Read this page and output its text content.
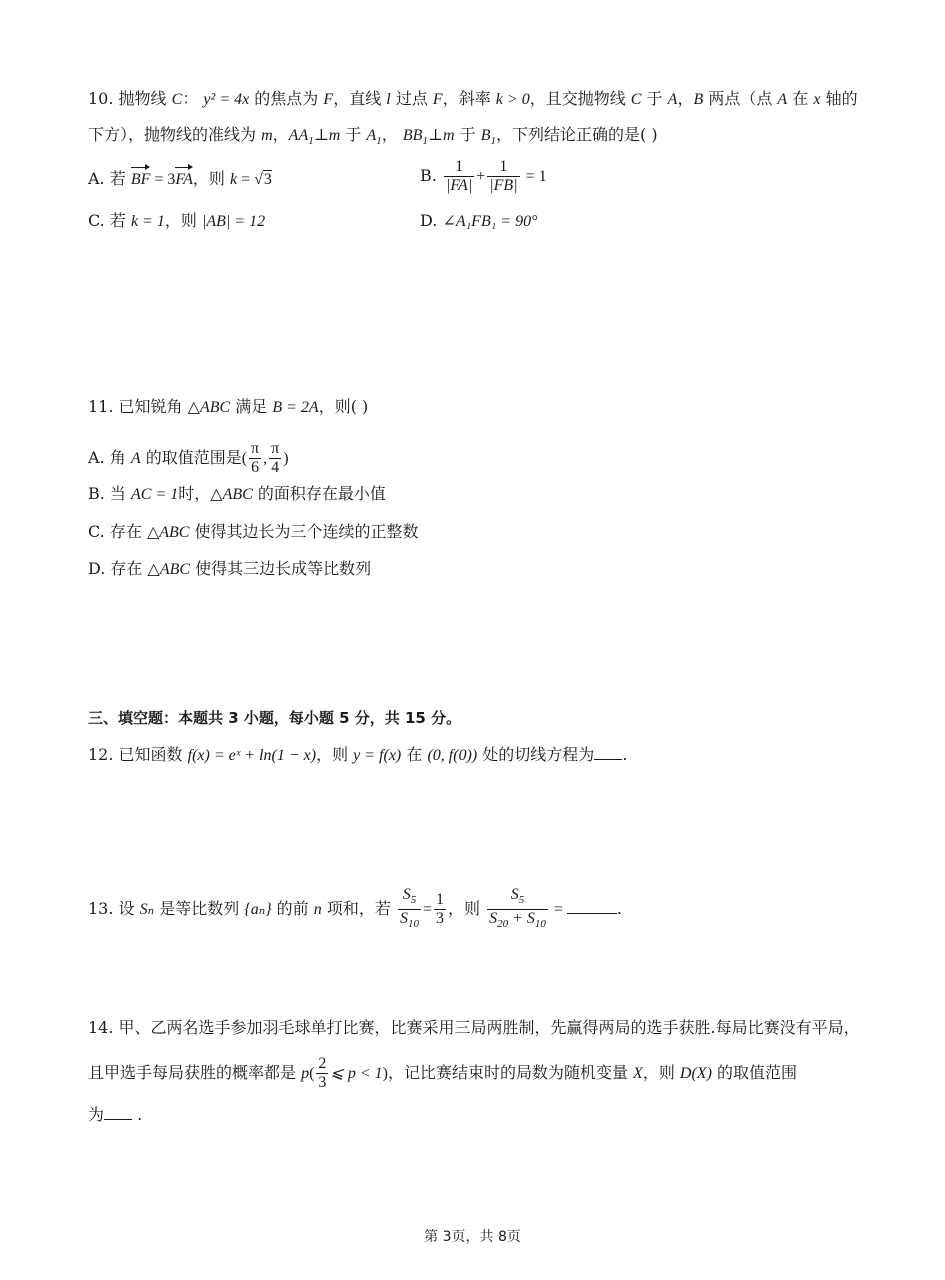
10. 抛物线 C： y² = 4x 的焦点为 F，直线 l 过点 F，斜率 k > 0，且交抛物线 C 于 A，B 两点（点 A 在 x 轴的
下方），抛物线的准线为 m，$AA_1\perp m$ 于 $A_1$， $BB_1\perp m$ 于 $B_1$，下列结论正确的是( )
A. 若 BF = 3FA，则 k = √3	B. $\frac{1}{|FA|} + \frac{1}{|FB|} = 1$
C. 若 k = 1，则 |AB| = 12	D. ∠A₁FB₁ = 90°
11. 已知锐角 △ABC 满足 B = 2A，则( )
A. 角 A 的取值范围是( $\frac{\pi}{6}$ , $\frac{\pi}{4}$ )
B. 当 AC = 1时，△ABC 的面积存在最小值
C. 存在 △ABC 使得其边长为三个连续的正整数
D. 存在 △ABC 使得其三边长成等比数列
三、填空题：本题共 3 小题，每小题 5 分，共 15 分。
12. 已知函数 f(x) = eˣ + ln(1 − x)，则 y = f(x) 在 (0, f(0)) 处的切线方程为 .
13. 设 Sₙ 是等比数列 {aₙ} 的前 n 项和，若 $\frac{S_5}{S_{10}} = \frac{1}{3}$ ，则 $\frac{S_5}{S_{20} + S_{10}}$ =	.
14. 甲、乙两名选手参加羽毛球单打比赛，比赛采用三局两胜制，先赢得两局的选手获胜.每局比赛没有平局，
且甲选手每局获胜的概率都是 $p( \frac{2}{3}$ ⩽ p < 1)，记比赛结束时的局数为随机变量 X，则 D(X) 的取值范围
为 .
第 3页，共 8页
